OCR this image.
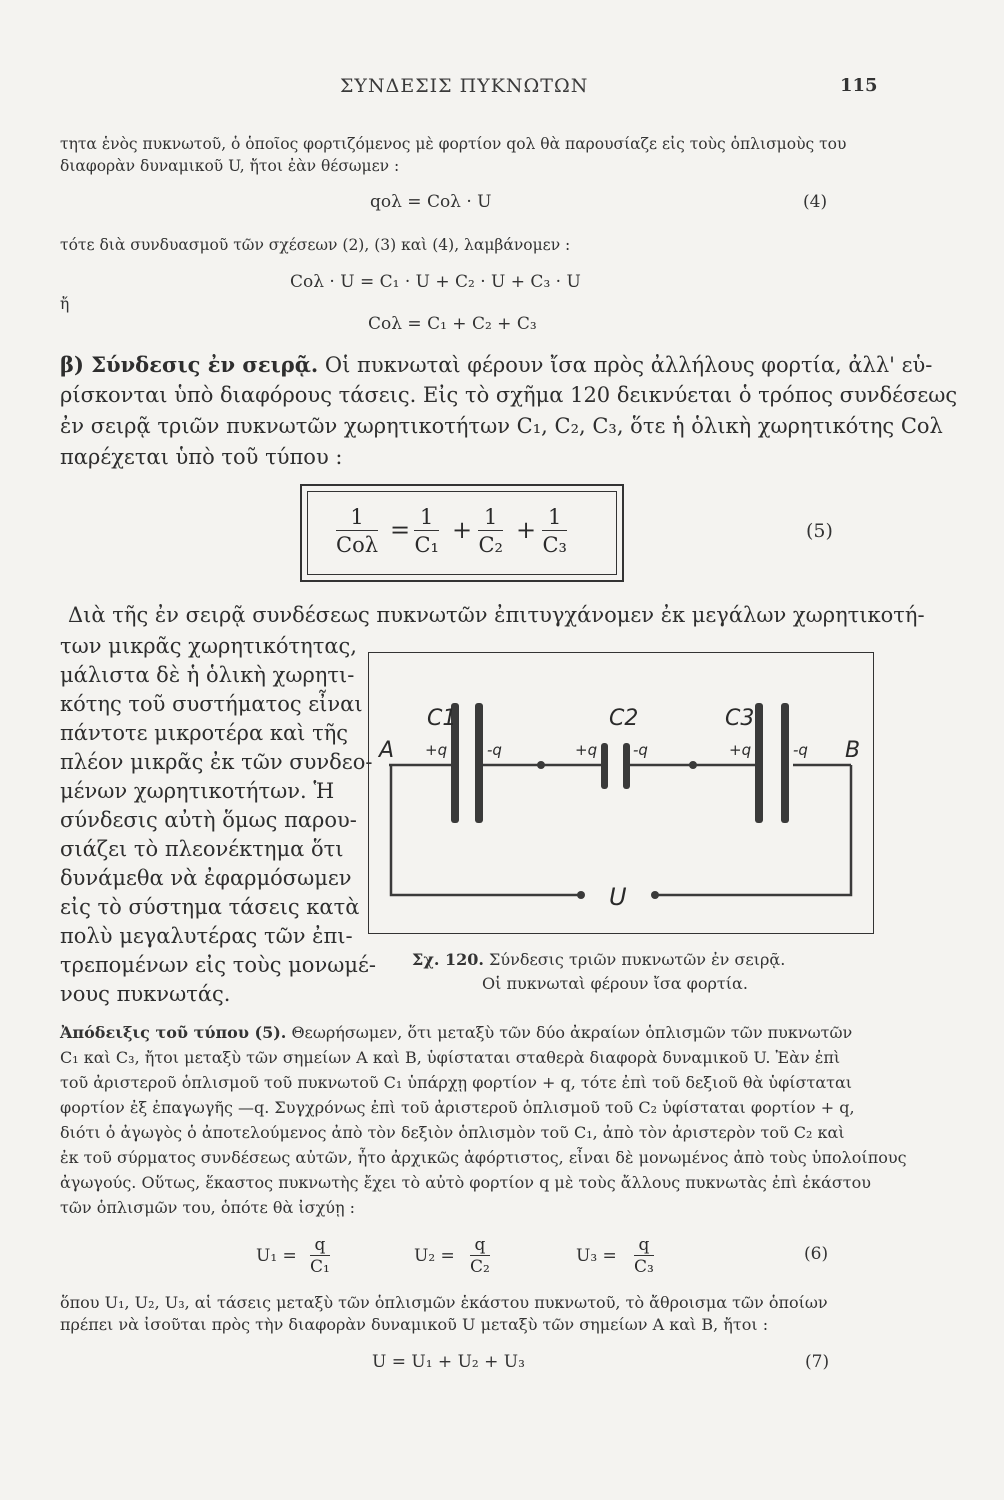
ΣΥΝΔΕΣΙΣ ΠΥΚΝΩΤΩΝ	115
τητα ἑνὸς πυκνωτοῦ, ὁ ὁποῖος φορτιζόμενος μὲ φορτίον qολ θὰ παρουσίαζε εἰς τοὺς ὁπλισμοὺς του
διαφορὰν δυναμικοῦ U, ἤτοι ἐὰν θέσωμεν :
qολ = Cολ · U	(4)
τότε διὰ συνδυασμοῦ τῶν σχέσεων (2), (3) καὶ (4), λαμβάνομεν :
Cολ · U = C₁ · U + C₂ · U + C₃ · U
ἤ
Cολ = C₁ + C₂ + C₃
β) Σύνδεσις ἐν σειρᾷ. Οἱ πυκνωταὶ φέρουν ἴσα πρὸς ἀλλήλους φορτία, ἀλλ' εὑ-
ρίσκονται ὑπὸ διαφόρους τάσεις. Εἰς τὸ σχῆμα 120 δεικνύεται ὁ τρόπος συνδέσεως
ἐν σειρᾷ τριῶν πυκνωτῶν χωρητικοτήτων C₁, C₂, C₃, ὅτε ἡ ὁλικὴ χωρητικότης Cολ
παρέχεται ὑπὸ τοῦ τύπου :
1
Cολ
= $\frac{1}{\text{C₁}} + \frac{1}{\text{C₂}} + \frac{1}{\text{C₃}}$	(5)
Διὰ τῆς ἐν σειρᾷ συνδέσεως πυκνωτῶν ἐπιτυγχάνομεν ἐκ μεγάλων χωρητικοτή-
των μικρᾶς χωρητικότητας,
μάλιστα δὲ ἡ ὁλικὴ χωρητι-
κότης τοῦ συστήματος εἶναι
πάντοτε μικροτέρα καὶ τῆς
πλέον μικρᾶς ἐκ τῶν συνδεο-
μένων χωρητικοτήτων. Ἡ
σύνδεσις αὐτὴ ὅμως παρου-
σιάζει τὸ πλεονέκτημα ὅτι
δυνάμεθα νὰ ἐφαρμόσωμεν
εἰς τὸ σύστημα τάσεις κατὰ
πολὺ μεγαλυτέρας τῶν ἐπι-
τρεπομένων εἰς τοὺς μονωμέ-
νους πυκνωτάς.
A	B
C1	C2	C3
+q	-q	+q -q	+q	-q
U
Σχ. 120. Σύνδεσις τριῶν πυκνωτῶν ἐν σειρᾷ.
Οἱ πυκνωταὶ φέρουν ἴσα φορτία.
Ἀπόδειξις τοῦ τύπου (5). Θεωρήσωμεν, ὅτι μεταξὺ τῶν δύο ἀκραίων ὁπλισμῶν τῶν πυκνωτῶν
C₁ καὶ C₃, ἤτοι μεταξὺ τῶν σημείων A καὶ B, ὑφίσταται σταθερὰ διαφορὰ δυναμικοῦ U. Ἐὰν ἐπὶ
τοῦ ἀριστεροῦ ὁπλισμοῦ τοῦ πυκνωτοῦ C₁ ὑπάρχῃ φορτίον + q, τότε ἐπὶ τοῦ δεξιοῦ θὰ ὑφίσταται
φορτίον ἐξ ἐπαγωγῆς —q. Συγχρόνως ἐπὶ τοῦ ἀριστεροῦ ὁπλισμοῦ τοῦ C₂ ὑφίσταται φορτίον + q,
διότι ὁ ἀγωγὸς ὁ ἀποτελούμενος ἀπὸ τὸν δεξιὸν ὁπλισμὸν τοῦ C₁, ἀπὸ τὸν ἀριστερὸν τοῦ C₂ καὶ
ἐκ τοῦ σύρματος συνδέσεως αὐτῶν, ἦτο ἀρχικῶς ἀφόρτιστος, εἶναι δὲ μονωμένος ἀπὸ τοὺς ὑπολοίπους
ἀγωγούς. Οὕτως, ἕκαστος πυκνωτὴς ἔχει τὸ αὐτὸ φορτίον q μὲ τοὺς ἄλλους πυκνωτὰς ἐπὶ ἑκάστου
τῶν ὁπλισμῶν του, ὁπότε θὰ ἰσχύῃ :
$U_1 = \frac{q}{\text{C₁}}$	$U_2 = \frac{q}{\text{C₂}}$	$U_3 = \frac{q}{\text{C₃}}$	(6)
ὅπου U₁, U₂, U₃, αἱ τάσεις μεταξὺ τῶν ὁπλισμῶν ἑκάστου πυκνωτοῦ, τὸ ἄθροισμα τῶν ὁποίων
πρέπει νὰ ἰσοῦται πρὸς τὴν διαφορὰν δυναμικοῦ U μεταξὺ τῶν σημείων A καὶ B, ἤτοι :
U = U₁ + U₂ + U₃	(7)
